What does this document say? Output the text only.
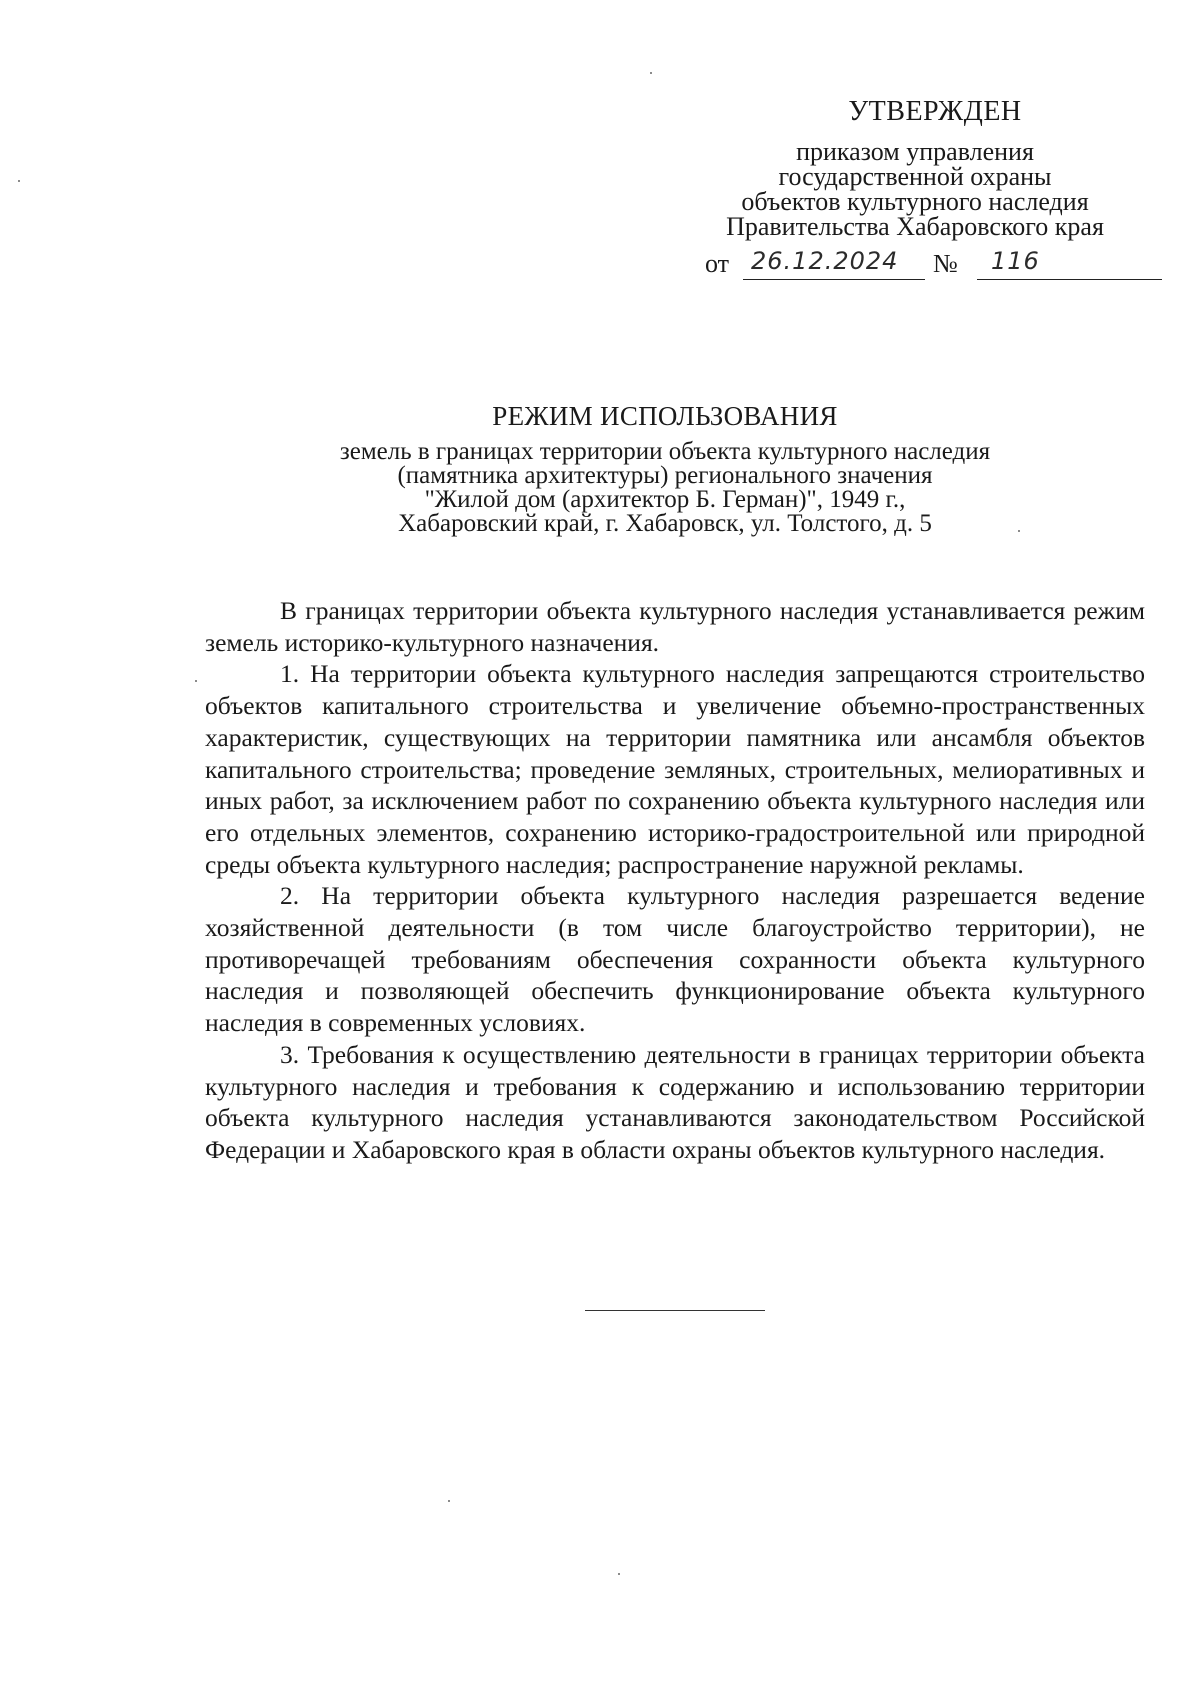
УТВЕРЖДЕН
приказом управления
государственной охраны
объектов культурного наследия
Правительства Хабаровского края
от 26.12.2024 № 116
РЕЖИМ ИСПОЛЬЗОВАНИЯ
земель в границах территории объекта культурного наследия
(памятника архитектуры) регионального значения
"Жилой дом (архитектор Б. Герман)", 1949 г.,
Хабаровский край, г. Хабаровск, ул. Толстого, д. 5

В границах территории объекта культурного наследия устанавливается режим земель историко-культурного назначения.

1. На территории объекта культурного наследия запрещаются строительство объектов капитального строительства и увеличение объемно-пространственных характеристик, существующих на территории памятника или ансамбля объектов капитального строительства; проведение земляных, строительных, мелиоративных и иных работ, за исключением работ по сохранению объекта культурного наследия или его отдельных элементов, сохранению историко-градостроительной или природной среды объекта культурного наследия; распространение наружной рекламы.

2. На территории объекта культурного наследия разрешается ведение хозяйственной деятельности (в том числе благоустройство территории), не противоречащей требованиям обеспечения сохранности объекта культурного наследия и позволяющей обеспечить функционирование объекта культурного наследия в современных условиях.

3. Требования к осуществлению деятельности в границах территории объекта культурного наследия и требования к содержанию и использованию территории объекта культурного наследия устанавливаются законодательством Российской Федерации и Хабаровского края в области охраны объектов культурного наследия.
